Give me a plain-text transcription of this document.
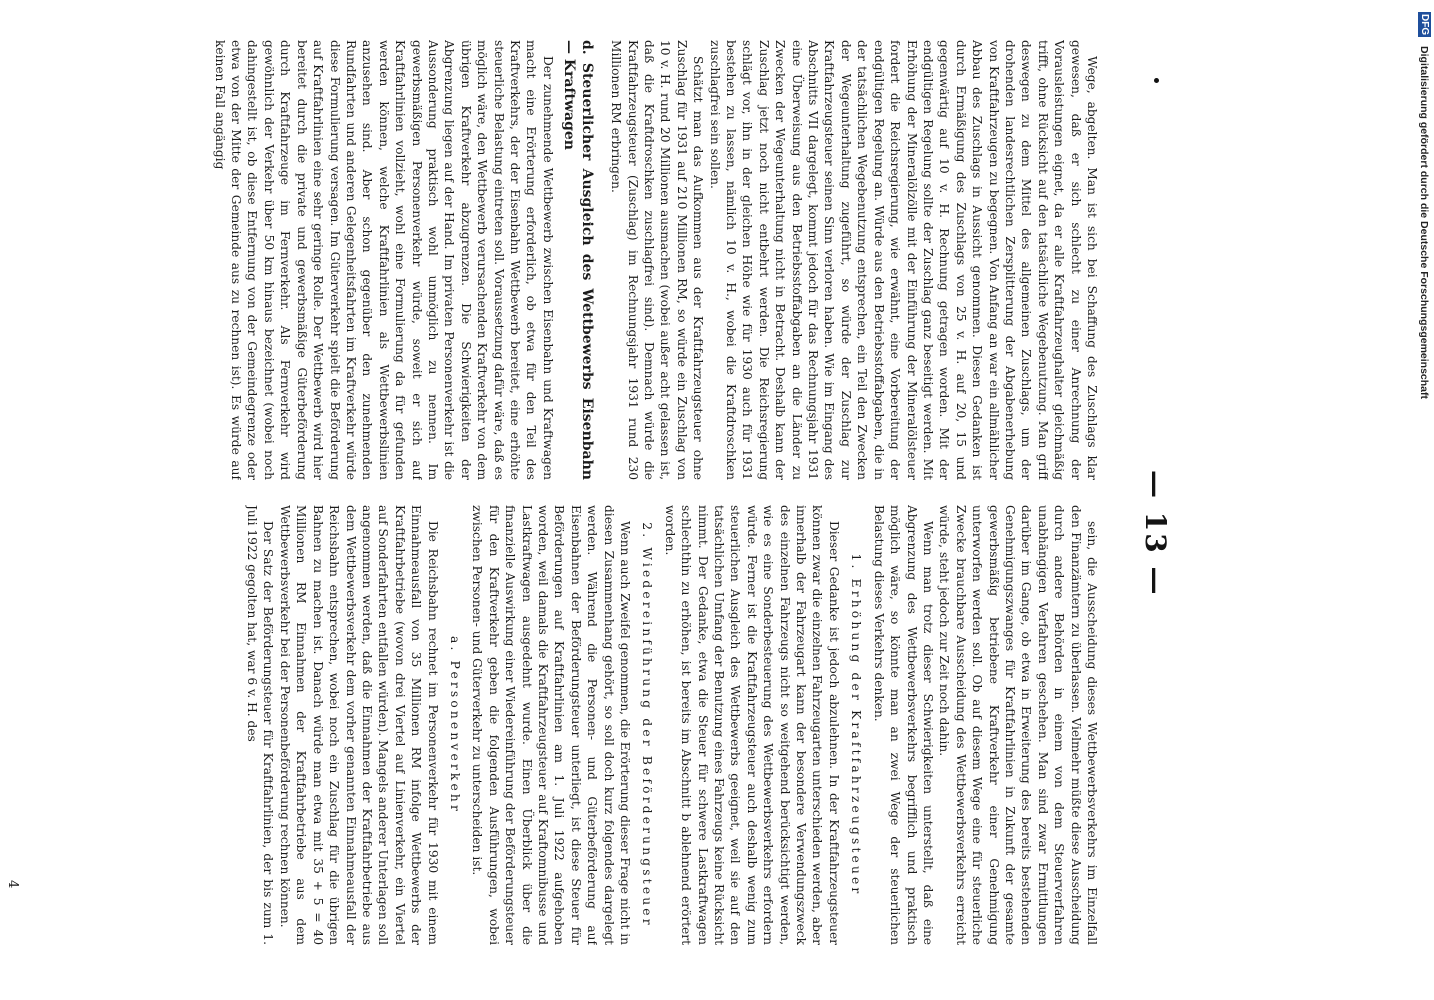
— 13 —

Wege, abgelten. Man ist sich bei Schaffung des Zuschlags klar gewesen, daß er sich schlecht zu einer Anrechnung der Vorausleistungen eignet, da er alle Kraftfahrzeughalter gleichmäßig trifft, ohne Rücksicht auf den tatsächliche Wegebenutzung. Man griff deswegen zu dem Mittel des allgemeinen Zuschlags, um der drohenden landesrechtlichen Zersplitterung der Abgabenerhebung von Kraftfahrzeugen zu begegnen. Von Anfang an war ein allmählicher Abbau des Zuschlags in Aussicht genommen. Diesen Gedanken ist durch Ermäßigung des Zuschlags von 25 v. H. auf 20, 15 und gegenwärtig auf 10 v. H. Rechnung getragen worden. Mit der endgültigen Regelung sollte der Zuschlag ganz beseitigt werden. Mit Erhöhung der Mineralölzölle mit der Einführung der Mineralölsteuer fordert die Reichsregierung, wie erwähnt, eine Vorbereitung der endgültigen Regelung an. Würde aus den Betriebsstoffabgaben, die in der tatsächlichen Wegebenutzung entsprechen, ein Teil den Zwecken der Wegeunterhaltung zugeführt, so würde der Zuschlag zur Kraftfahrzeugsteuer seinen Sinn verloren haben. Wie im Eingang des Abschnitts VII dargelegt, kommt jedoch für das Rechnungsjahr 1931 eine Überweisung aus den Betriebsstoffabgaben an die Länder zu Zwecken der Wegeunterhaltung nicht in Betracht. Deshalb kann der Zuschlag jetzt noch nicht entbehrt werden. Die Reichsregierung schlägt vor, ihn in der gleichen Höhe wie für 1930 auch für 1931 bestehen zu lassen, nämlich 10 v. H., wobei die Kraftdroschken zuschlagfrei sein sollen.

Schätzt man das Aufkommen aus der Kraftfahrzeugsteuer ohne Zuschlag für 1931 auf 210 Millionen RM, so würde ein Zuschlag von 10 v. H. rund 20 Millionen ausmachen (wobei außer acht gelassen ist, daß die Kraftdroschken zuschlagfrei sind). Demnach würde die Kraftfahrzeugsteuer (Zuschlag) im Rechnungsjahr 1931 rund 230 Millionen RM erbringen.

d. Steuerlicher Ausgleich des Wettbewerbs Eisenbahn — Kraftwagen

Der zunehmende Wettbewerb zwischen Eisenbahn und Kraftwagen macht eine Erörterung erforderlich, ob etwa für den Teil des Kraftverkehrs, der der Eisenbahn Wettbewerb bereitet, eine erhöhte steuerliche Belastung eintreten soll. Voraussetzung dafür wäre, daß es möglich wäre, den Wettbewerb verursachenden Kraftverkehr von dem übrigen Kraftverkehr abzugrenzen. Die Schwierigkeiten der Abgrenzung liegen auf der Hand. Im privaten Personenverkehr ist die Aussonderung praktisch wohl unmöglich zu nennen. Im gewerbsmäßigen Personenverkehr würde, soweit er sich auf Kraftfahrlinien vollzieht, wohl eine Formulierung da für gefunden werden können, welche Kraftfahrlinien als Wettbewerbslinien anzusehen sind. Aber schon gegenüber den zunehmenden Rundfahrten und anderen Gelegenheitsfahrten im Kraftverkehr würde diese Formulierung versagen. Im Güterverkehr spielt die Beförderung auf Kraftfahrlinien eine sehr geringe Rolle. Der Wettbewerb wird hier bereitet durch die private und gewerbsmäßige Güterbeförderung durch Kraftfahrzeuge im Fernverkehr. Als Fernverkehr wird gewöhnlich der Verkehr über 50 km hinaus bezeichnet (wobei noch dahingestellt ist, ob diese Entfernung von der Gemeindegrenze oder etwa von der Mitte der Gemeinde aus zu rechnen ist). Es würde auf keinen Fall angängig

sein, die Ausscheidung dieses Wettbewerbsverkehrs im Einzelfall den Finanzämtern zu überlassen. Vielmehr müßte diese Ausscheidung durch andere Behörden in einem von dem Steuerverfahren unabhängigen Verfahren geschehen. Man sind zwar Ermittlungen darüber im Gange, ob etwa in Erweiterung des bereits bestehenden Genehmigungszwanges für Kraftfahrlinien in Zukunft der gesamte gewerbsmäßig betriebene Kraftverkehr einer Genehmigung unterworfen werden soll. Ob auf diesem Wege eine für steuerliche Zwecke brauchbare Ausscheidung des Wettbewerbsverkehrs erreicht würde, steht jedoch zur Zeit noch dahin.

Wenn man trotz dieser Schwierigkeiten unterstellt, daß eine Abgrenzung des Wettbewerbsverkehrs begrifflich und praktisch möglich wäre, so könnte man an zwei Wege der steuerlichen Belastung dieses Verkehrs denken.

1. Erhöhung der Kraftfahrzeugsteuer

Dieser Gedanke ist jedoch abzulehnen. In der Kraftfahrzeugsteuer können zwar die einzelnen Fahrzeugarten unterschieden werden, aber innerhalb der Fahrzeugart kann der besondere Verwendungszweck des einzelnen Fahrzeugs nicht so weitgehend berücksichtigt werden, wie es eine Sonderbesteuerung des Wettbewerbsverkehrs erfordern würde. Ferner ist die Kraftfahrzeugsteuer auch deshalb wenig zum steuerlichen Ausgleich des Wettbewerbs geeignet, weil sie auf den tatsächlichen Umfang der Benutzung eines Fahrzeugs keine Rücksicht nimmt. Der Gedanke, etwa die Steuer für schwere Lastkraftwagen schlechthin zu erhöhen, ist bereits im Abschnitt b ablehnend erörtert worden.

2. Wiedereinführung der Beförderungsteuer

Wenn auch Zweifel genommen, die Erörterung dieser Frage nicht in diesen Zusammenhang gehört, so soll doch kurz folgendes dargelegt werden. Während die Personen- und Güterbeförderung auf Eisenbahnen der Beförderungsteuer unterliegt, ist diese Steuer für Beförderungen auf Kraftfahrlinien am 1. Juli 1922 aufgehoben worden, weil damals die Kraftfahrzeugsteuer auf Kraftomnibusse und Lastkraftwagen ausgedehnt wurde. Einen Überblick über die finanzielle Auswirkung einer Wiedereinführung der Beförderungsteuer für den Kraftverkehr geben die folgenden Ausführungen, wobei zwischen Personen- und Güterverkehr zu unterscheiden ist.

a. Personenverkehr

Die Reichsbahn rechnet im Personenverkehr für 1930 mit einem Einnahmeausfall von 35 Millionen RM infolge Wettbewerbs der Kraftfahrbetriebe (wovon drei Viertel auf Linienverkehr, ein Viertel auf Sonderfahrten entfallen würden). Mangels anderer Unterlagen soll angenommen werden, daß die Einnahmen der Kraftfahrbetriebe aus dem Wettbewerbsverkehr dem vorher genannten Einnahmeausfall der Reichsbahn entsprechen, wobei noch ein Zuschlag für die übrigen Bahnen zu machen ist. Danach würde man etwa mit 35 + 5 = 40 Millionen RM Einnahmen der Kraftfahrbetriebe aus dem Wettbewerbsverkehr bei der Personenbeförderung rechnen können.

Der Satz der Beförderungsteuer für Kraftfahrlinien, der bis zum 1. Juli 1922 gegolten hat, war 6 v. H. des

4
DFG Digitalisierung gefördert durch die Deutsche Forschungsgemeinschaft
